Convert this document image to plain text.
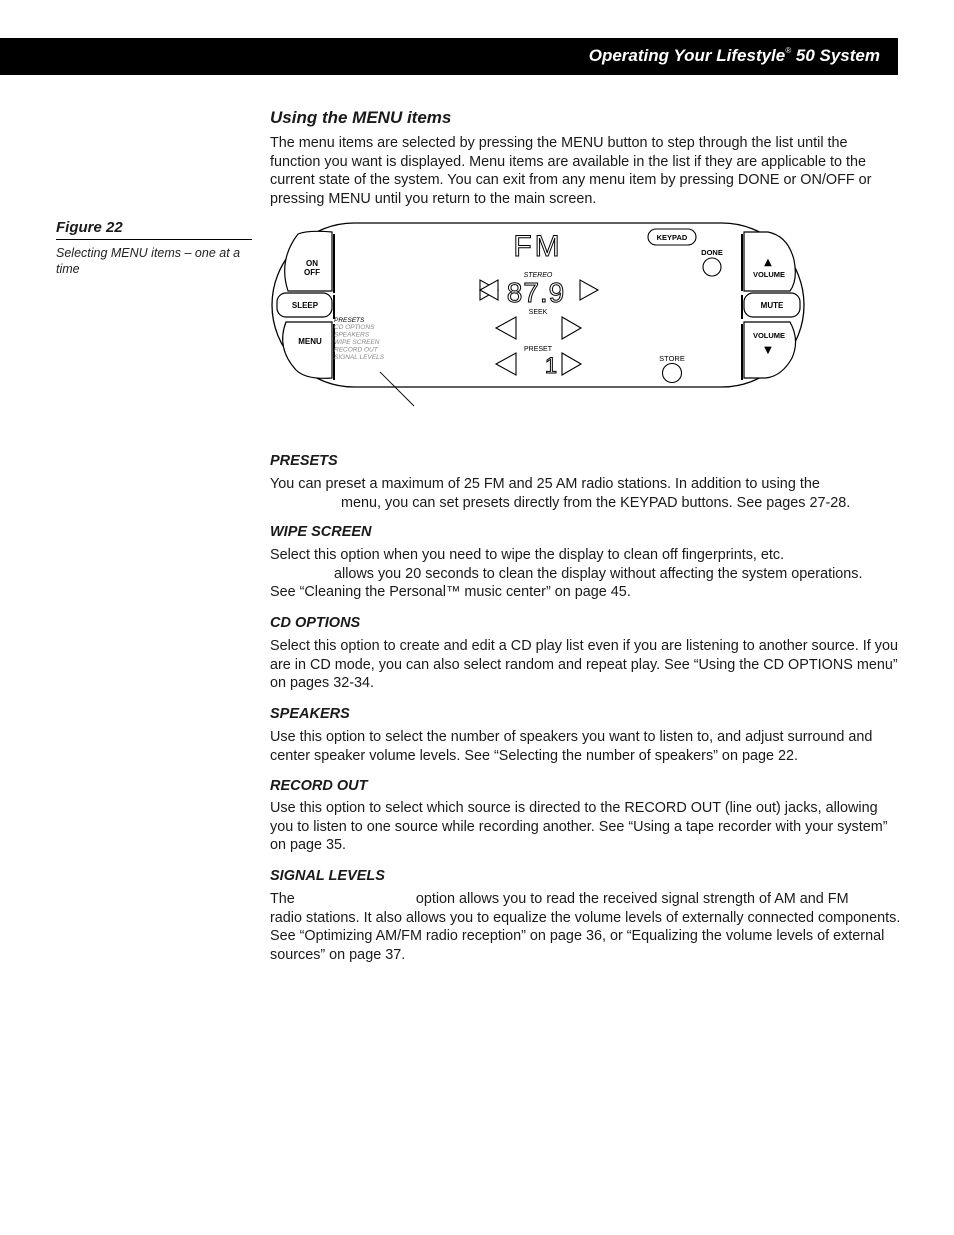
Operating Your Lifestyle® 50 System
Using the MENU items

The menu items are selected by pressing the MENU button to step through the list until the function you want is displayed. Menu items are available in the list if they are applicable to the current state of the system. You can exit from any menu item by pressing DONE or ON/OFF or pressing MENU until you return to the main screen.

Figure 22
Selecting MENU items – one at a time	ON
OFF
SLEEP
MENU
PRESETS
CD OPTIONS
SPEAKERS
WIPE SCREEN
RECORD OUT
SIGNAL LEVELS
FM
STEREO
87.9
SEEK
PRESET
1
KEYPAD
DONE
STORE
▲
VOLUME
MUTE
VOLUME
▼
PRESETS
You can preset a maximum of 25 FM and 25 AM radio stations. In addition to using the
menu, you can set presets directly from the KEYPAD buttons. See pages 27-28.
WIPE SCREEN
Select this option when you need to wipe the display to clean off fingerprints, etc.
allows you 20 seconds to clean the display without affecting the system operations.
See “Cleaning the Personal™ music center” on page 45.
CD OPTIONS

Select this option to create and edit a CD play list even if you are listening to another source. If you are in CD mode, you can also select random and repeat play. See “Using the CD OPTIONS menu” on pages 32-34.

SPEAKERS

Use this option to select the number of speakers you want to listen to, and adjust surround and center speaker volume levels. See “Selecting the number of speakers” on page 22.

RECORD OUT

Use this option to select which source is directed to the RECORD OUT (line out) jacks, allowing you to listen to one source while recording another. See “Using a tape recorder with your system” on page 35.

SIGNAL LEVELS
The	option allows you to read the received signal strength of AM and FM
radio stations. It also allows you to equalize the volume levels of externally connected components. See “Optimizing AM/FM radio reception” on page 36, or “Equalizing the volume levels of external sources” on page 37.
